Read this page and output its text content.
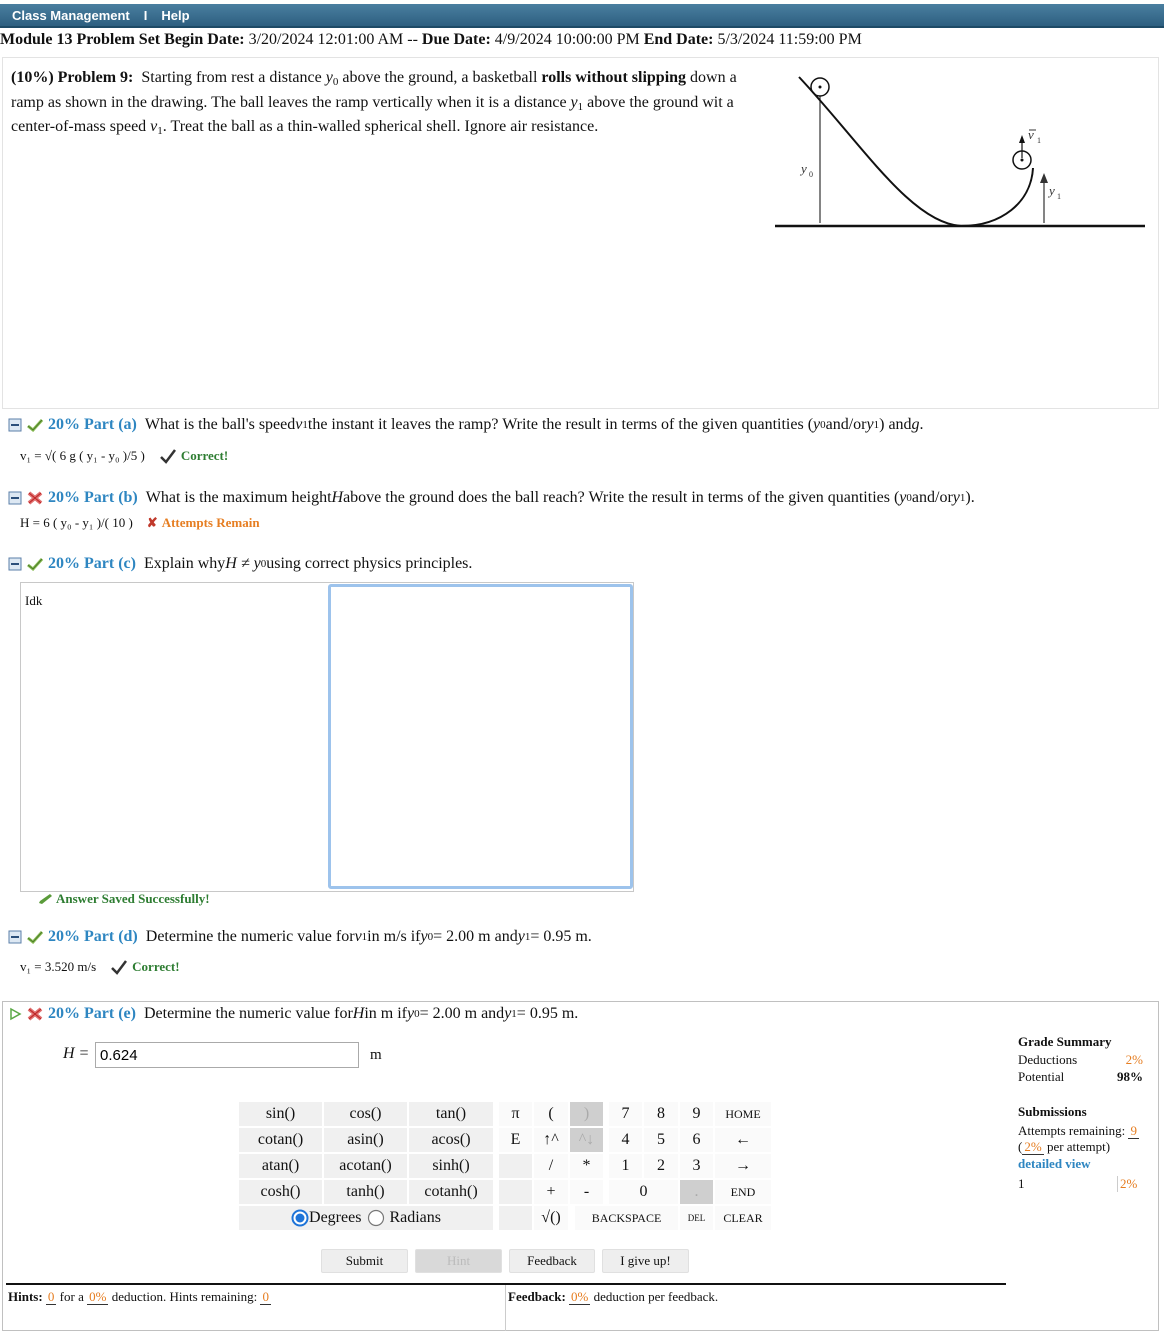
Class Management I Help
Module 13 Problem Set Begin Date: 3/20/2024 12:01:00 AM -- Due Date: 4/9/2024 10:00:00 PM End Date: 5/3/2024 11:59:00 PM
(10%) Problem 9: Starting from rest a distance $y_0$ above the ground, a basketball rolls without slipping down a ramp as shown in the drawing. The ball leaves the ramp vertically when it is a distance $y_1$ above the ground wit a center-of-mass speed $v_1$. Treat the ball as a thin-walled spherical shell. Ignore air resistance.
y 0
y 1
v 1
20% Part (a) What is the ball's speed v 1 the instant it leaves the ramp? Write the result in terms of the given quantities ( y 0 and/or y 1 ) and g .
v₁ = √( 6 g ( y₁ - y₀ )/5 )	Correct!
20% Part (b) What is the maximum height H above the ground does the ball reach? Write the result in terms of the given quantities ( y 0 and/or y 1 ).
H = 6 ( y₀ - y₁ )/( 10 ) ✘ Attempts Remain
20% Part (c) Explain why H ≠ y 0 using correct physics principles.
Idk
Answer Saved Successfully!
20% Part (d) Determine the numeric value for v 1 in m/s if y 0 = 2.00 m and y 1 = 0.95 m.
v₁ = 3.520 m/s	Correct!
20% Part (e) Determine the numeric value for H in m if y 0 = 2.00 m and y 1 = 0.95 m.
H =
0.624	m
sin()	cos()	tan()
cotan()	asin()	acos()
atan()	acotan()	sinh()
cosh()	tanh()	cotanh()
Degrees Radians
π	(	)
E	↑^	^↓
/	*
+	-
√()
7	8	9
4	5	6
1	2	3
0	.
BACKSPACE	DEL
HOME
←
→
END
CLEAR
Submit	Hint	Feedback	I give up!
Hints: 0 for a 0% deduction. Hints remaining: 0	Feedback: 0% deduction per feedback.
Grade Summary
Deductions	2%
Potential	98%
Submissions
Attempts remaining: 9
( 2% per attempt)
detailed view
1	2%
